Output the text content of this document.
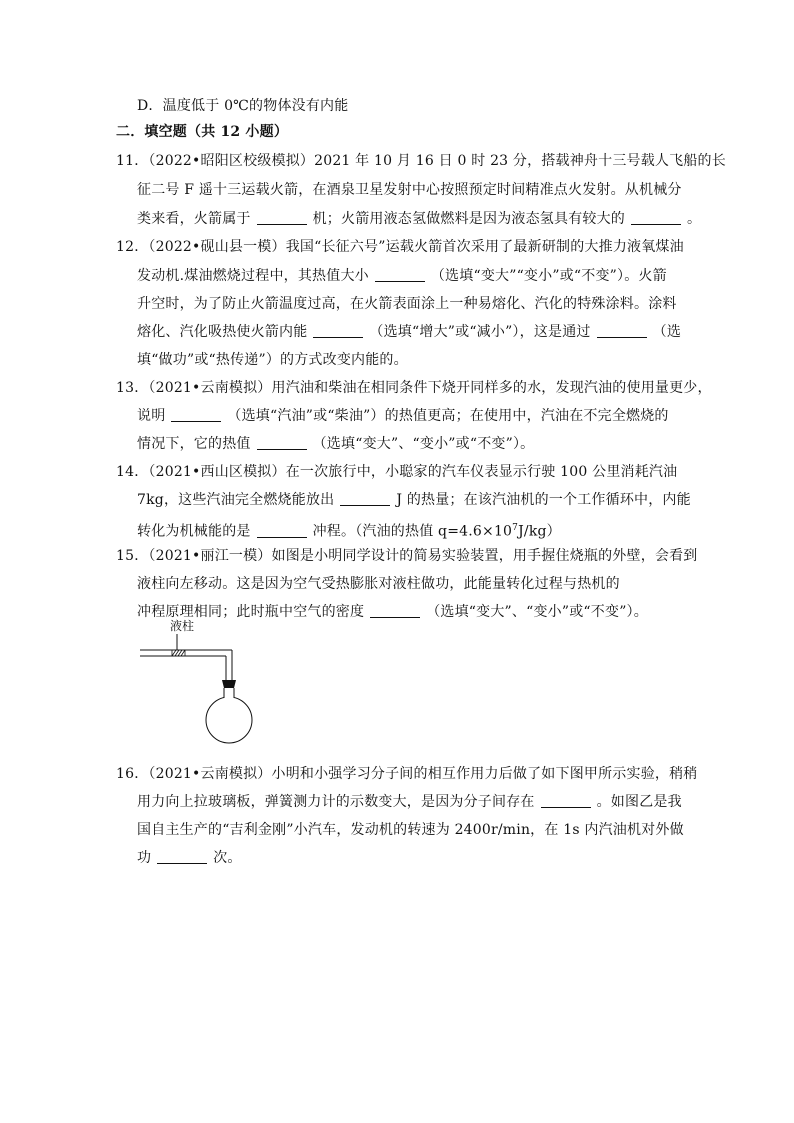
D．温度低于 0℃的物体没有内能
二．填空题（共 12 小题）
11．（2022•昭阳区校级模拟）2021 年 10 月 16 日 0 时 23 分，搭载神舟十三号载人飞船的长
征二号 F 遥十三运载火箭，在酒泉卫星发射中心按照预定时间精准点火发射。从机械分
类来看，火箭属于	机；火箭用液态氢做燃料是因为液态氢具有较大的	。
12．（2022•砚山县一模）我国“长征六号”运载火箭首次采用了最新研制的大推力液氧煤油
发动机.煤油燃烧过程中，其热值大小	（选填“变大”“变小”或“不变”）。火箭
升空时，为了防止火箭温度过高，在火箭表面涂上一种易熔化、汽化的特殊涂料。涂料
熔化、汽化吸热使火箭内能	（选填“增大”或“减小”），这是通过	（选
填“做功”或“热传递”）的方式改变内能的。
13．（2021•云南模拟）用汽油和柴油在相同条件下烧开同样多的水，发现汽油的使用量更少，
说明	（选填“汽油”或“柴油”）的热值更高；在使用中，汽油在不完全燃烧的
情况下，它的热值	（选填“变大”、“变小”或“不变”）。
14．（2021•西山区模拟）在一次旅行中，小聪家的汽车仪表显示行驶 100 公里消耗汽油
7kg，这些汽油完全燃烧能放出	J 的热量；在该汽油机的一个工作循环中，内能
转化为机械能的是	冲程。（汽油的热值 $q=4.6\times 10^7J/kg$）
15．（2021•丽江一模）如图是小明同学设计的简易实验装置，用手握住烧瓶的外壁，会看到
液柱向左移动。这是因为空气受热膨胀对液柱做功，此能量转化过程与热机的
冲程原理相同；此时瓶中空气的密度	（选填“变大”、“变小”或“不变”）。
液柱
16．（2021•云南模拟）小明和小强学习分子间的相互作用力后做了如下图甲所示实验，稍稍
用力向上拉玻璃板，弹簧测力计的示数变大，是因为分子间存在	。如图乙是我
国自主生产的“吉利金刚”小汽车，发动机的转速为 2400r/min，在 1s 内汽油机对外做
功	次。
